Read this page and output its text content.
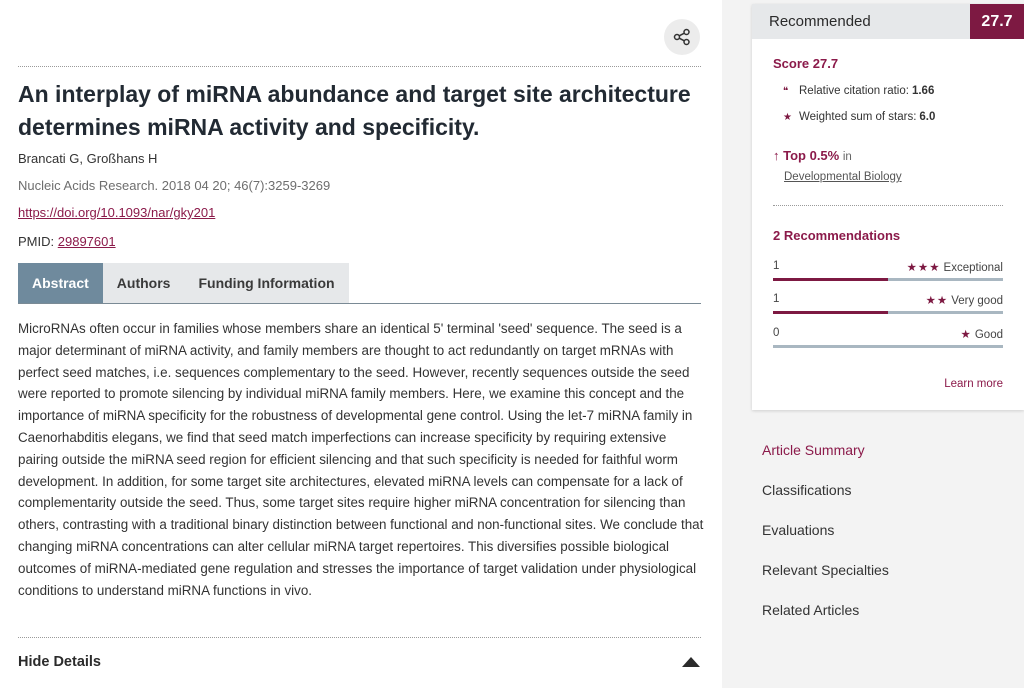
An interplay of miRNA abundance and target site architecture determines miRNA activity and specificity.
Brancati G, Großhans H
Nucleic Acids Research. 2018 04 20; 46(7):3259-3269
https://doi.org/10.1093/nar/gky201
PMID: 29897601
Abstract	Authors	Funding Information

MicroRNAs often occur in families whose members share an identical 5' terminal 'seed' sequence. The seed is a major determinant of miRNA activity, and family members are thought to act redundantly on target mRNAs with perfect seed matches, i.e. sequences complementary to the seed. However, recently sequences outside the seed were reported to promote silencing by individual miRNA family members. Here, we examine this concept and the importance of miRNA specificity for the robustness of developmental gene control. Using the let-7 miRNA family in Caenorhabditis elegans, we find that seed match imperfections can increase specificity by requiring extensive pairing outside the miRNA seed region for efficient silencing and that such specificity is needed for faithful worm development. In addition, for some target site architectures, elevated miRNA levels can compensate for a lack of complementarity outside the seed. Thus, some target sites require higher miRNA concentration for silencing than others, contrasting with a traditional binary distinction between functional and non-functional sites. We conclude that changing miRNA concentrations can alter cellular miRNA target repertoires. This diversifies possible biological outcomes of miRNA-mediated gene regulation and stresses the importance of target validation under physiological conditions to understand miRNA functions in vivo.

Hide Details
Recommended	27.7
Score 27.7
❝ Relative citation ratio: 1.66
★ Weighted sum of stars: 6.0
↑ Top 0.5% in
Developmental Biology
2 Recommendations
1	★★★ Exceptional
1	★★ Very good
0	★ Good
Learn more
Article Summary
Classifications
Evaluations
Relevant Specialties
Related Articles
